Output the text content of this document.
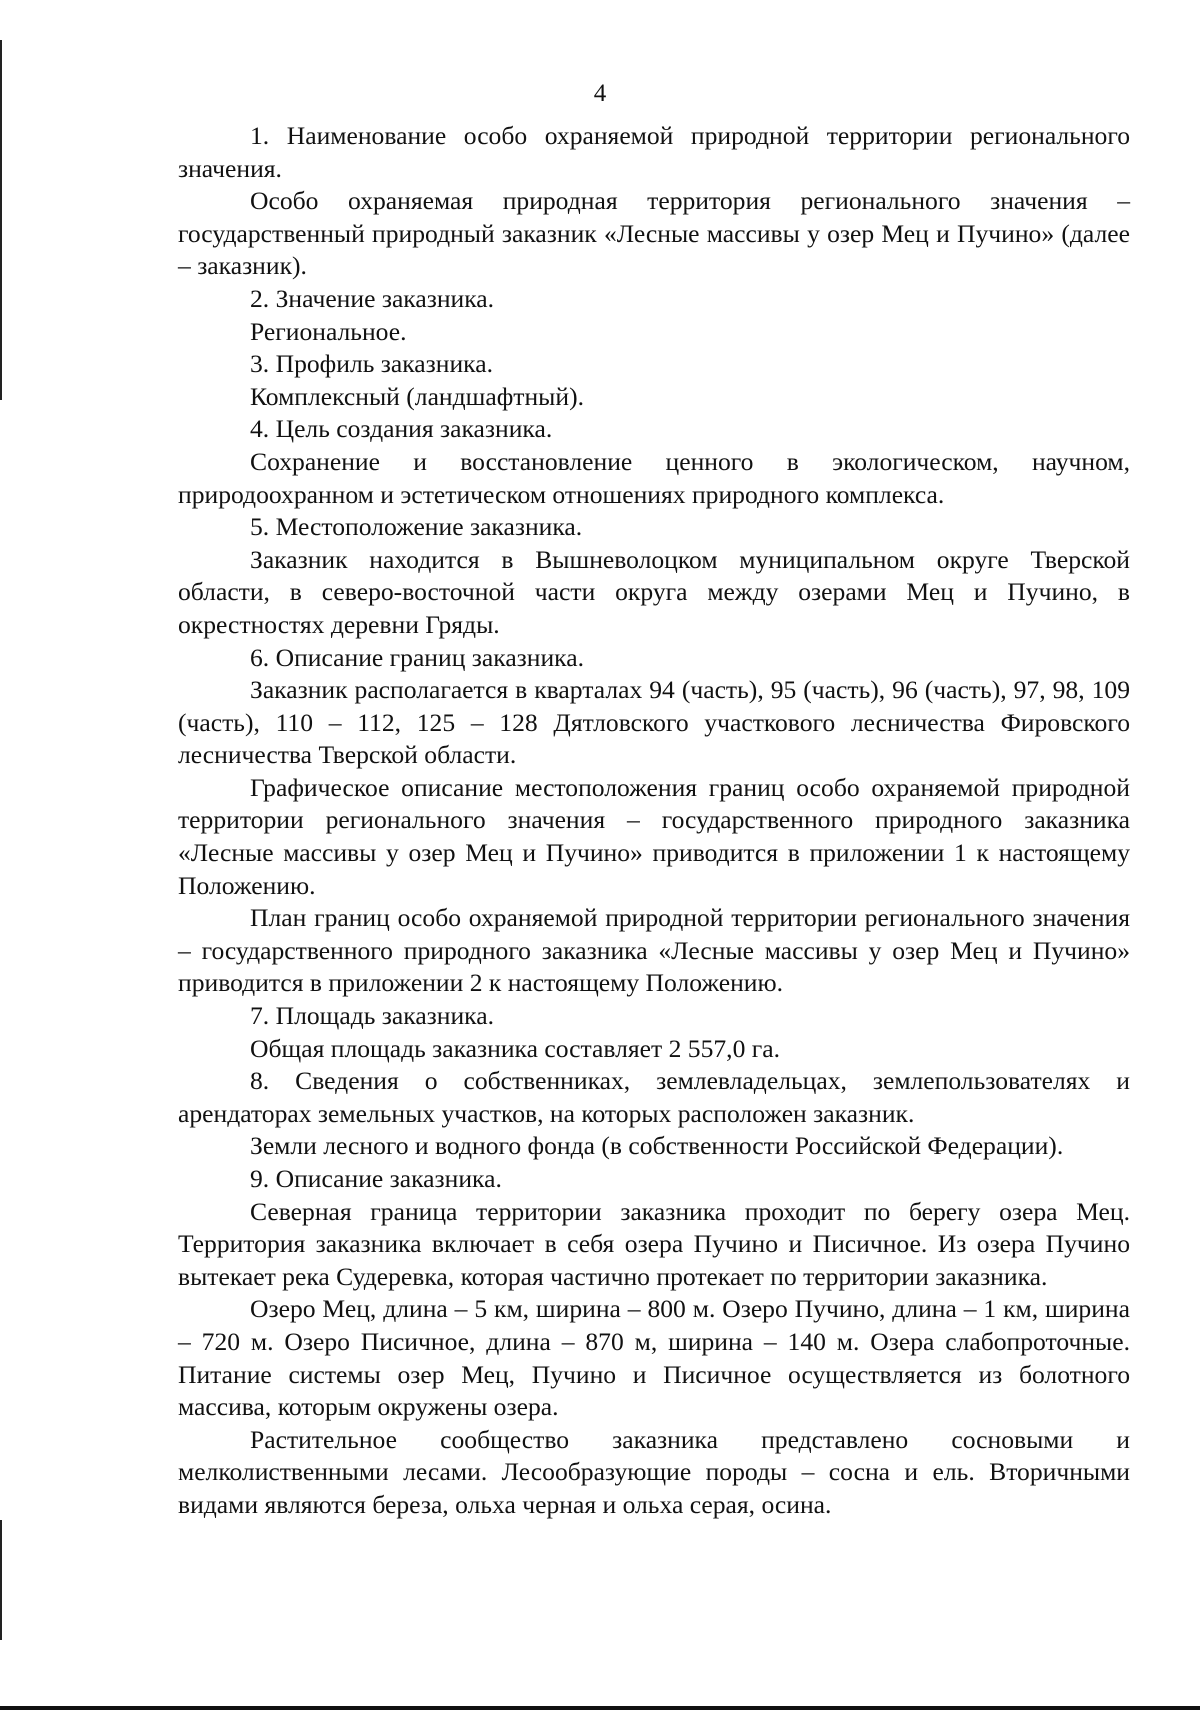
4

1. Наименование особо охраняемой природной территории регионального значения.

Особо охраняемая природная территория регионального значения – государственный природный заказник «Лесные массивы у озер Мец и Пучино» (далее – заказник).

2. Значение заказника.

Региональное.

3. Профиль заказника.

Комплексный (ландшафтный).

4. Цель создания заказника.

Сохранение и восстановление ценного в экологическом, научном, природоохранном и эстетическом отношениях природного комплекса.

5. Местоположение заказника.

Заказник находится в Вышневолоцком муниципальном округе Тверской области, в северо-восточной части округа между озерами Мец и Пучино, в окрестностях деревни Гряды.

6. Описание границ заказника.

Заказник располагается в кварталах 94 (часть), 95 (часть), 96 (часть), 97, 98, 109 (часть), 110 – 112, 125 – 128 Дятловского участкового лесничества Фировского лесничества Тверской области.

Графическое описание местоположения границ особо охраняемой природной территории регионального значения – государственного природного заказника «Лесные массивы у озер Мец и Пучино» приводится в приложении 1 к настоящему Положению.

План границ особо охраняемой природной территории регионального значения – государственного природного заказника «Лесные массивы у озер Мец и Пучино» приводится в приложении 2 к настоящему Положению.

7. Площадь заказника.

Общая площадь заказника составляет 2 557,0 га.

8. Сведения о собственниках, землевладельцах, землепользователях и арендаторах земельных участков, на которых расположен заказник.

Земли лесного и водного фонда (в собственности Российской Федерации).

9. Описание заказника.

Северная граница территории заказника проходит по берегу озера Мец. Территория заказника включает в себя озера Пучино и Писичное. Из озера Пучино вытекает река Судеревка, которая частично протекает по территории заказника.

Озеро Мец, длина – 5 км, ширина – 800 м. Озеро Пучино, длина – 1 км, ширина – 720 м. Озеро Писичное, длина – 870 м, ширина – 140 м. Озера слабопроточные. Питание системы озер Мец, Пучино и Писичное осуществляется из болотного массива, которым окружены озера.

Растительное сообщество заказника представлено сосновыми и мелколиственными лесами. Лесообразующие породы – сосна и ель. Вторичными видами являются береза, ольха черная и ольха серая, осина.
